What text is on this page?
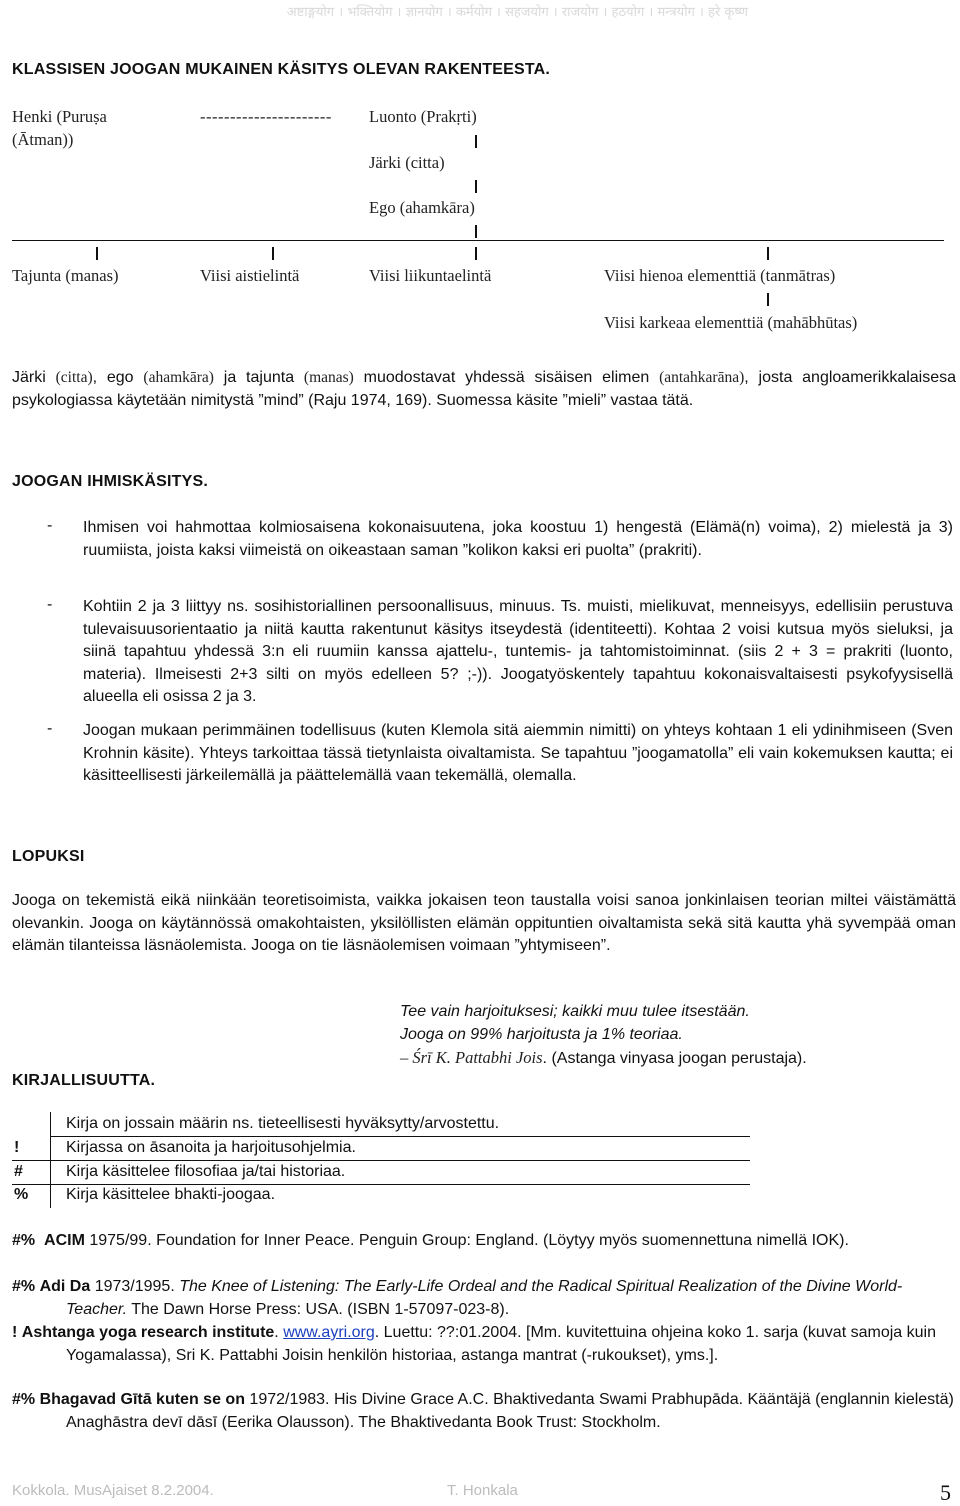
अष्टाङ्गयोग । भक्तियोग । ज्ञानयोग । कर्मयोग । सहजयोग । राजयोग । हठयोग । मन्त्रयोग । हरे कृष्ण
KLASSISEN JOOGAN MUKAINEN KÄSITYS OLEVAN RAKENTEESTA.
Henki (Puruṣa
(Ātman))
---------------------- Luonto (Prakṛti)
Järki (citta)
Ego (ahamkāra)
Tajunta (manas)	Viisi aistielintä	Viisi liikuntaelintä	Viisi hienoa elementtiä (tanmātras)
Viisi karkeaa elementtiä (mahābhūtas)
Järki (citta), ego (ahamkāra) ja tajunta (manas) muodostavat yhdessä sisäisen elimen (antahkarāna), josta angloamerikkalaisesa psykologiassa käytetään nimitystä ”mind” (Raju 1974, 169). Suomessa käsite ”mieli” vastaa tätä.
JOOGAN IHMISKÄSITYS.
- Ihmisen voi hahmottaa kolmiosaisena kokonaisuutena, joka koostuu 1) hengestä (Elämä(n) voima), 2) mielestä ja 3) ruumiista, joista kaksi viimeistä on oikeastaan saman ”kolikon kaksi eri puolta” (prakriti).
- Kohtiin 2 ja 3 liittyy ns. sosihistoriallinen persoonallisuus, minuus. Ts. muisti, mielikuvat, menneisyys, edellisiin perustuva tulevaisuusorientaatio ja niitä kautta rakentunut käsitys itseydestä (identiteetti). Kohtaa 2 voisi kutsua myös sieluksi, ja siinä tapahtuu yhdessä 3:n eli ruumiin kanssa ajattelu-, tuntemis- ja tahtomistoiminnat. (siis 2 + 3 = prakriti (luonto, materia). Ilmeisesti 2+3 silti on myös edelleen 5? ;-)). Joogatyöskentely tapahtuu kokonaisvaltaisesti psykofyysisellä alueella eli osissa 2 ja 3.
- Joogan mukaan perimmäinen todellisuus (kuten Klemola sitä aiemmin nimitti) on yhteys kohtaan 1 eli ydinihmiseen (Sven Krohnin käsite). Yhteys tarkoittaa tässä tietynlaista oivaltamista. Se tapahtuu ”joogamatolla” eli vain kokemuksen kautta; ei käsitteellisesti järkeilemällä ja päättelemällä vaan tekemällä, olemalla.
LOPUKSI
Jooga on tekemistä eikä niinkään teoretisoimista, vaikka jokaisen teon taustalla voisi sanoa jonkinlaisen teorian miltei väistämättä olevankin. Jooga on käytännössä omakohtaisten, yksilöllisten elämän oppituntien oivaltamista sekä sitä kautta yhä syvempää oman elämän tilanteissa läsnäolemista. Jooga on tie läsnäolemisen voimaan ”yhtymiseen”.
Tee vain harjoituksesi; kaikki muu tulee itsestään.
Jooga on 99% harjoitusta ja 1% teoriaa.
– Śrī K. Pattabhi Jois. (Astanga vinyasa joogan perustaja).
KIRJALLISUUTTA.
Kirja on jossain määrin ns. tieteellisesti hyväksytty/arvostettu.
!	Kirjassa on āsanoita ja harjoitusohjelmia.
#	Kirja käsittelee filosofiaa ja/tai historiaa.
% Kirja käsittelee bhakti-joogaa.
#% ACIM 1975/99. Foundation for Inner Peace. Penguin Group: England. (Löytyy myös suomennettuna nimellä IOK).
#% Adi Da 1973/1995. The Knee of Listening: The Early-Life Ordeal and the Radical Spiritual Realization of the Divine World-Teacher. The Dawn Horse Press: USA. (ISBN 1-57097-023-8).
! Ashtanga yoga research institute. www.ayri.org. Luettu: ??:01.2004. [Mm. kuvitettuina ohjeina koko 1. sarja (kuvat samoja kuin Yogamalassa), Sri K. Pattabhi Joisin henkilön historiaa, astanga mantrat (-rukoukset), yms.].
#% Bhagavad Gītā kuten se on 1972/1983. His Divine Grace A.C. Bhaktivedanta Swami Prabhupāda. Kääntäjä (englannin kielestä) Anaghāstra devī dāsī (Eerika Olausson). The Bhaktivedanta Book Trust: Stockholm.
Kokkola. MusAjaiset 8.2.2004.	T. Honkala	5
